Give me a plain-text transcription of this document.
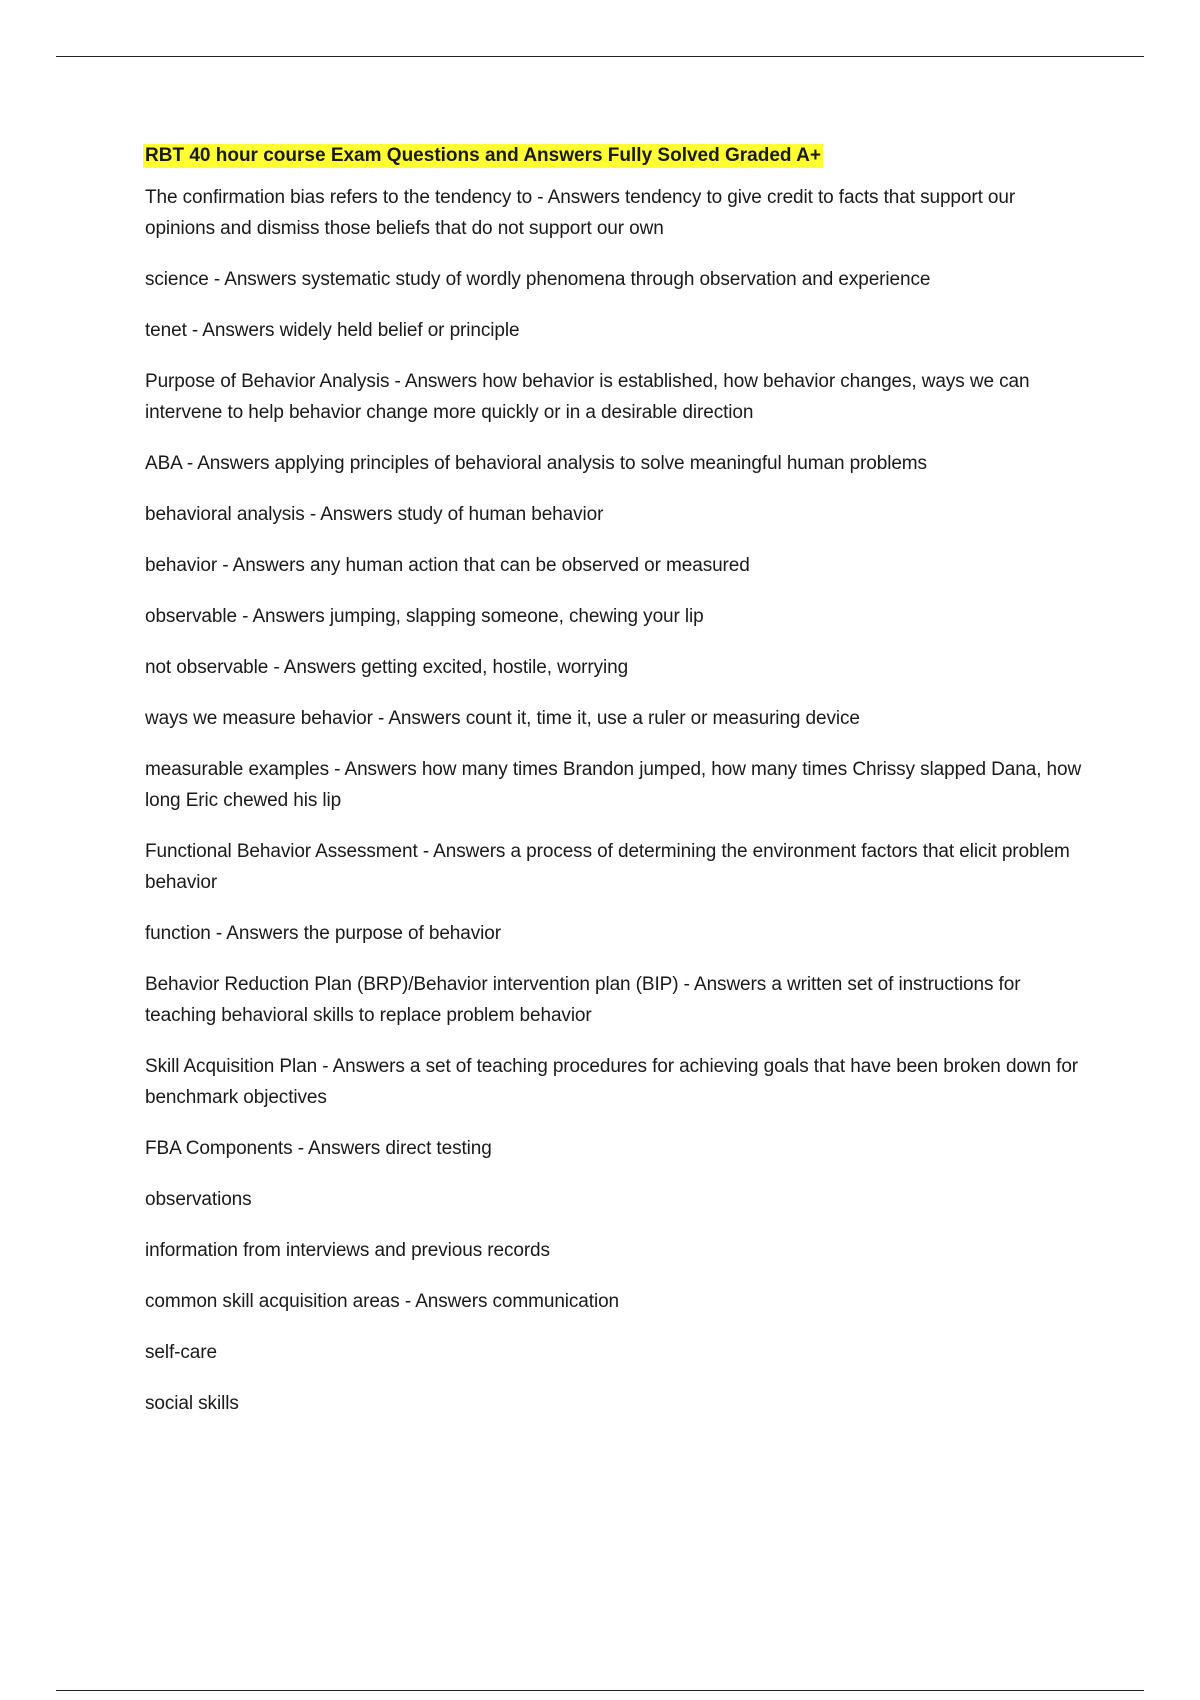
RBT 40 hour course Exam Questions and Answers Fully Solved Graded A+
The confirmation bias refers to the tendency to - Answers tendency to give credit to facts that support our opinions and dismiss those beliefs that do not support our own
science - Answers systematic study of wordly phenomena through observation and experience
tenet - Answers widely held belief or principle
Purpose of Behavior Analysis - Answers how behavior is established, how behavior changes, ways we can intervene to help behavior change more quickly or in a desirable direction
ABA - Answers applying principles of behavioral analysis to solve meaningful human problems
behavioral analysis - Answers study of human behavior
behavior - Answers any human action that can be observed or measured
observable - Answers jumping, slapping someone, chewing your lip
not observable - Answers getting excited, hostile, worrying
ways we measure behavior - Answers count it, time it, use a ruler or measuring device
measurable examples - Answers how many times Brandon jumped, how many times Chrissy slapped Dana, how long Eric chewed his lip
Functional Behavior Assessment - Answers a process of determining the environment factors that elicit problem behavior
function - Answers the purpose of behavior
Behavior Reduction Plan (BRP)/Behavior intervention plan (BIP) - Answers a written set of instructions for teaching behavioral skills to replace problem behavior
Skill Acquisition Plan - Answers a set of teaching procedures for achieving goals that have been broken down for benchmark objectives
FBA Components - Answers direct testing
observations
information from interviews and previous records
common skill acquisition areas - Answers communication
self-care
social skills
